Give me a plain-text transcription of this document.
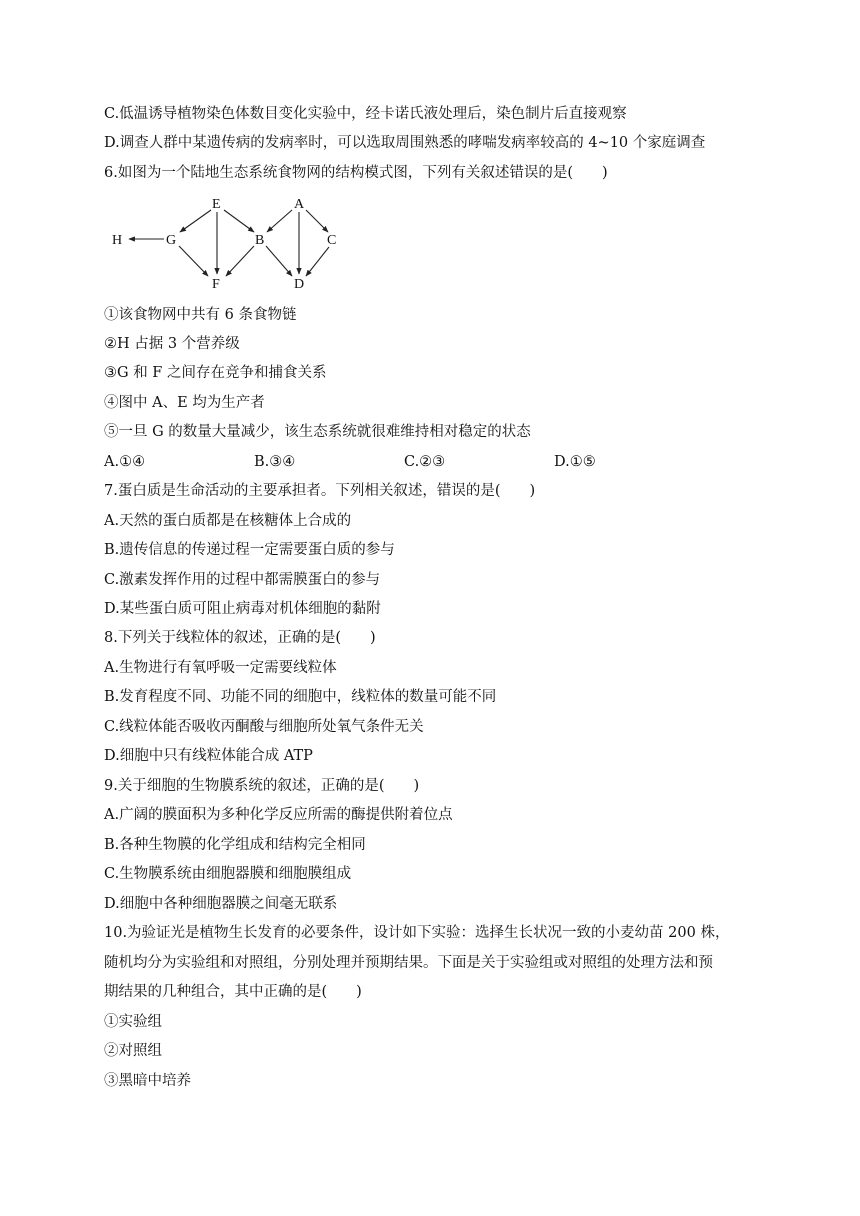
C.低温诱导植物染色体数目变化实验中，经卡诺氏液处理后，染色制片后直接观察
D.调查人群中某遗传病的发病率时，可以选取周围熟悉的哮喘发病率较高的 4~10 个家庭调查
6.如图为一个陆地生态系统食物网的结构模式图，下列有关叙述错误的是(　　)
E	A
H	G	B	C
F	D
①该食物网中共有 6 条食物链
②H 占据 3 个营养级
③G 和 F 之间存在竞争和捕食关系
④图中 A、E 均为生产者
⑤一旦 G 的数量大量减少，该生态系统就很难维持相对稳定的状态
A.①④	B.③④	C.②③	D.①⑤
7.蛋白质是生命活动的主要承担者。下列相关叙述，错误的是(　　)
A.天然的蛋白质都是在核糖体上合成的
B.遗传信息的传递过程一定需要蛋白质的参与
C.激素发挥作用的过程中都需膜蛋白的参与
D.某些蛋白质可阻止病毒对机体细胞的黏附
8.下列关于线粒体的叙述，正确的是(　　)
A.生物进行有氧呼吸一定需要线粒体
B.发育程度不同、功能不同的细胞中，线粒体的数量可能不同
C.线粒体能否吸收丙酮酸与细胞所处氧气条件无关
D.细胞中只有线粒体能合成 ATP
9.关于细胞的生物膜系统的叙述，正确的是(　　)
A.广阔的膜面积为多种化学反应所需的酶提供附着位点
B.各种生物膜的化学组成和结构完全相同
C.生物膜系统由细胞器膜和细胞膜组成
D.细胞中各种细胞器膜之间毫无联系
10.为验证光是植物生长发育的必要条件，设计如下实验：选择生长状况一致的小麦幼苗 200 株，
随机均分为实验组和对照组，分别处理并预期结果。下面是关于实验组或对照组的处理方法和预
期结果的几种组合，其中正确的是(　　)
①实验组
②对照组
③黑暗中培养
